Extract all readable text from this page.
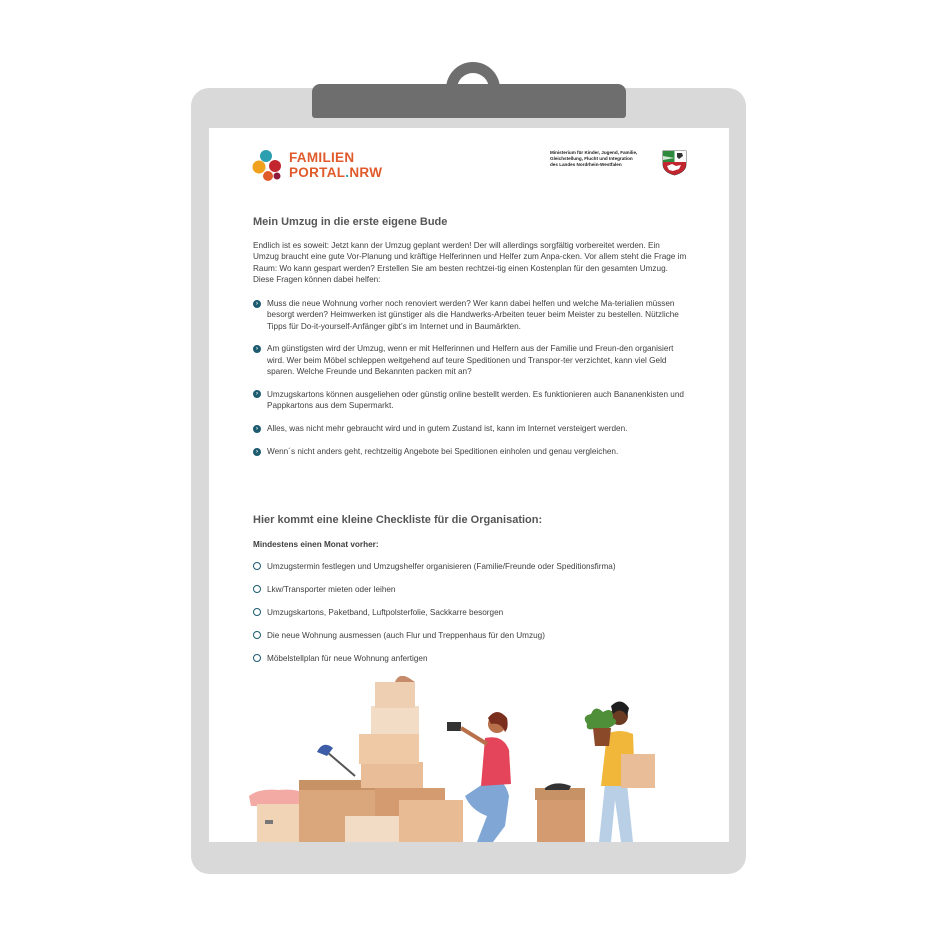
FAMILIEN
PORTAL.NRW
Ministerium für Kinder, Jugend, Familie,
Gleichstellung, Flucht und Integration
des Landes Nordrhein-Westfalen
Mein Umzug in die erste eigene Bude
Endlich ist es soweit: Jetzt kann der Umzug geplant werden! Der will allerdings sorgfältig vorbereitet werden. Ein Umzug braucht eine gute Vor-Planung und kräftige Helferinnen und Helfer zum Anpa-cken. Vor allem steht die Frage im Raum: Wo kann gespart werden? Erstellen Sie am besten rechtzei-tig einen Kostenplan für den gesamten Umzug. Diese Fragen können dabei helfen:
›	Muss die neue Wohnung vorher noch renoviert werden? Wer kann dabei helfen und welche Ma-terialien müssen besorgt werden? Heimwerken ist günstiger als die Handwerks-Arbeiten teuer beim Meister zu bestellen. Nützliche Tipps für Do-it-yourself-Anfänger gibt’s im Internet und in Baumärkten.
›	Am günstigsten wird der Umzug, wenn er mit Helferinnen und Helfern aus der Familie und Freun-den organisiert wird. Wer beim Möbel schleppen weitgehend auf teure Speditionen und Transpor-ter verzichtet, kann viel Geld sparen. Welche Freunde und Bekannten packen mit an?
›	Umzugskartons können ausgeliehen oder günstig online bestellt werden. Es funktionieren auch Bananenkisten und Pappkartons aus dem Supermarkt.
›	Alles, was nicht mehr gebraucht wird und in gutem Zustand ist, kann im Internet versteigert werden.
›	Wenn´s nicht anders geht, rechtzeitig Angebote bei Speditionen einholen und genau vergleichen.
Hier kommt eine kleine Checkliste für die Organisation:
Mindestens einen Monat vorher:
Umzugstermin festlegen und Umzugshelfer organisieren (Familie/Freunde oder Speditionsfirma)
Lkw/Transporter mieten oder leihen
Umzugskartons, Paketband, Luftpolsterfolie, Sackkarre besorgen
Die neue Wohnung ausmessen (auch Flur und Treppenhaus für den Umzug)
Möbelstellplan für neue Wohnung anfertigen
